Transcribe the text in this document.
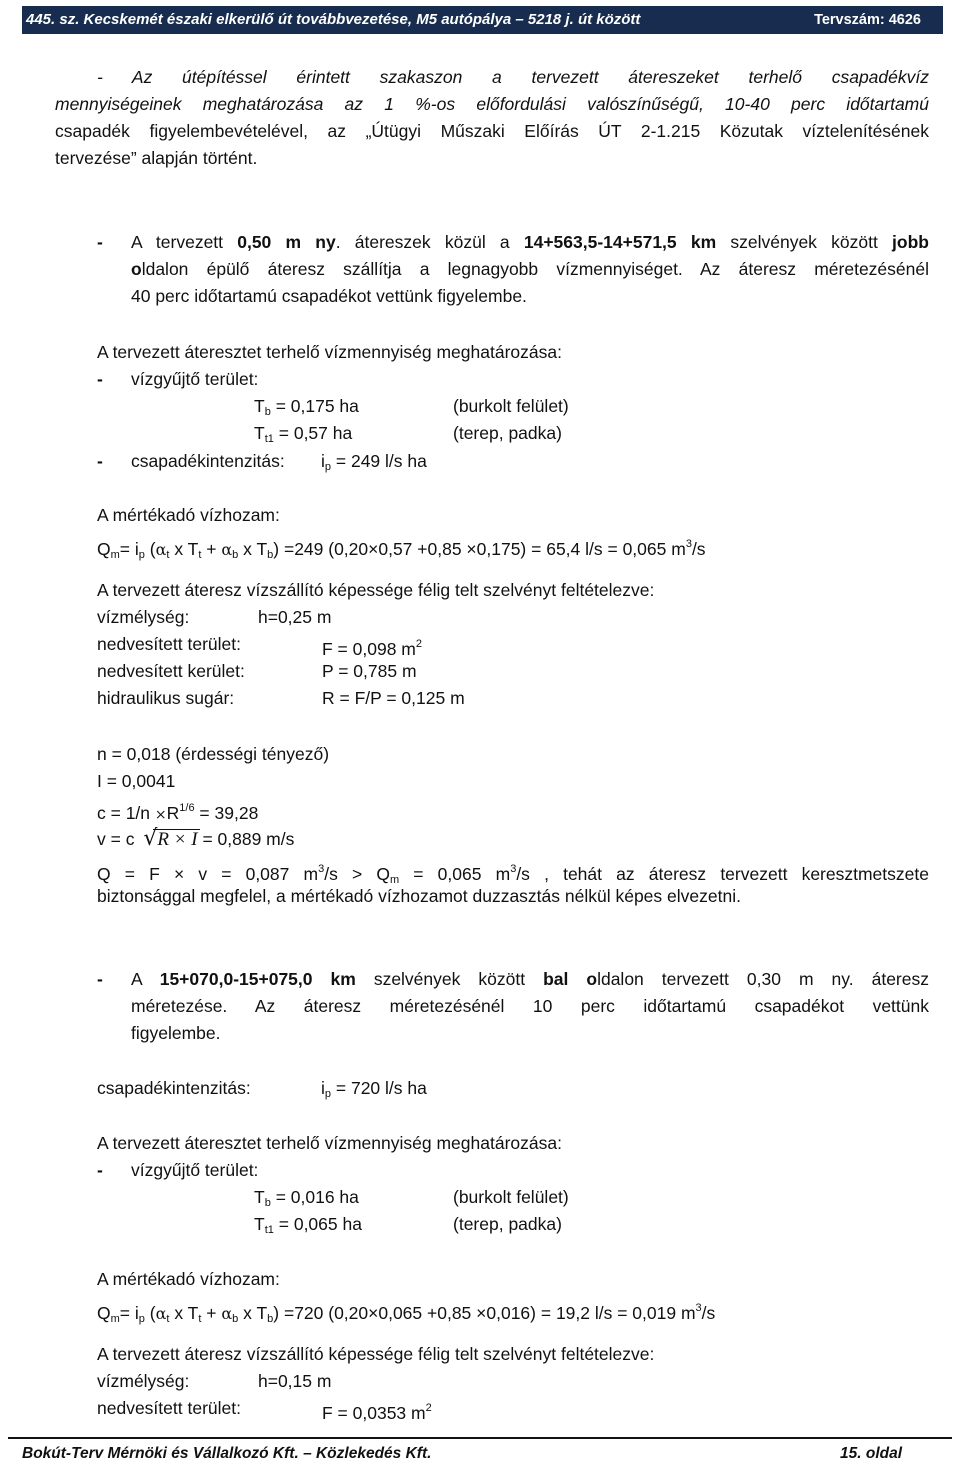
445. sz. Kecskemét északi elkerülő út továbbvezetése, M5 autópálya – 5218 j. út között	Tervszám: 4626
- Az útépítéssel érintett szakaszon a tervezett átereszeket terhelő csapadékvíz
mennyiségeinek meghatározása az 1 %-os előfordulási valószínűségű, 10-40 perc időtartamú
csapadék figyelembevételével, az „Útügyi Műszaki Előírás ÚT 2-1.215 Közutak víztelenítésének
tervezése” alapján történt.
- A tervezett 0,50 m ny. átereszek közül a 14+563,5-14+571,5 km szelvények között jobb
oldalon épülő áteresz szállítja a legnagyobb vízmennyiséget. Az áteresz méretezésénél
40 perc időtartamú csapadékot vettünk figyelembe.
A tervezett áteresztet terhelő vízmennyiség meghatározása:
- vízgyűjtő terület:
$T_b = 0,175$ ha	(burkolt felület)
$T_{t1} = 0,57$ ha	(terep, padka)
- csapadékintenzitás: $i_p = 249$ l/s ha
A mértékadó vízhozam:
$Q_m= i_p$ ($\alpha_t$ x $T_t + \alpha_b$ x $T_b) =249$ (0,20×0,57 +0,85 ×0,175) = 65,4 l/s = 0,065 $m^3/s$
A tervezett áteresz vízszállító képessége félig telt szelvényt feltételezve:
vízmélység:	h=0,25 m
nedvesített terület:	F = 0,098 $m^2$
nedvesített kerület:	P = 0,785 m
hidraulikus sugár:	R = F/P = 0,125 m
n = 0,018 (érdességi tényező)
I = 0,0041
$c = 1/n \times R^{1/6} = 39,28$
v = c √ R × I = 0,889 m/s
Q = F × v = 0,087 $m^3/s > Q_m = 0,065$ $m^3/s$ , tehát az áteresz tervezett keresztmetszete
biztonsággal megfelel, a mértékadó vízhozamot duzzasztás nélkül képes elvezetni.
- A 15+070,0-15+075,0 km szelvények között bal oldalon tervezett 0,30 m ny. áteresz
méretezése. Az áteresz méretezésénél 10 perc időtartamú csapadékot vettünk
figyelembe.
csapadékintenzitás:	$i_p = 720$ l/s ha
A tervezett áteresztet terhelő vízmennyiség meghatározása:
- vízgyűjtő terület:
$T_b = 0,016$ ha	(burkolt felület)
$T_{t1} = 0,065$ ha	(terep, padka)
A mértékadó vízhozam:
$Q_m= i_p$ ($\alpha_t$ x $T_t + \alpha_b$ x $T_b) =720$ (0,20×0,065 +0,85 ×0,016) = 19,2 l/s = 0,019 $m^3/s$
A tervezett áteresz vízszállító képessége félig telt szelvényt feltételezve:
vízmélység:	h=0,15 m
nedvesített terület:	F = 0,0353 $m^2$
Bokút-Terv Mérnöki és Vállalkozó Kft. – Közlekedés Kft.	15. oldal
